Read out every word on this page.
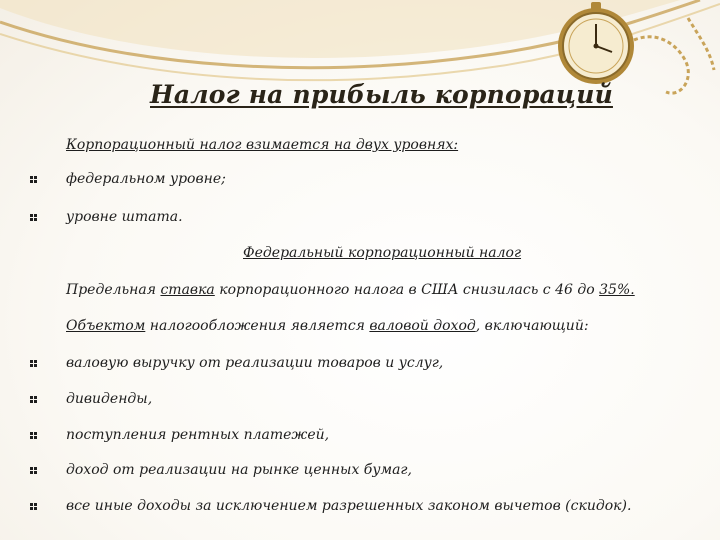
Налог на прибыль корпораций
Корпорационный налог взимается на двух уровнях:
федеральном уровне;
уровне штата.
Федеральный корпорационный налог
Предельная ставка корпорационного налога в США снизилась с 46 до 35%.
Объектом налогообложения является валовой доход, включающий:
валовую выручку от реализации товаров и услуг,
дивиденды,
поступления рентных платежей,
доход от реализации на рынке ценных бумаг,
все иные доходы за исключением разрешенных законом вычетов (скидок).
